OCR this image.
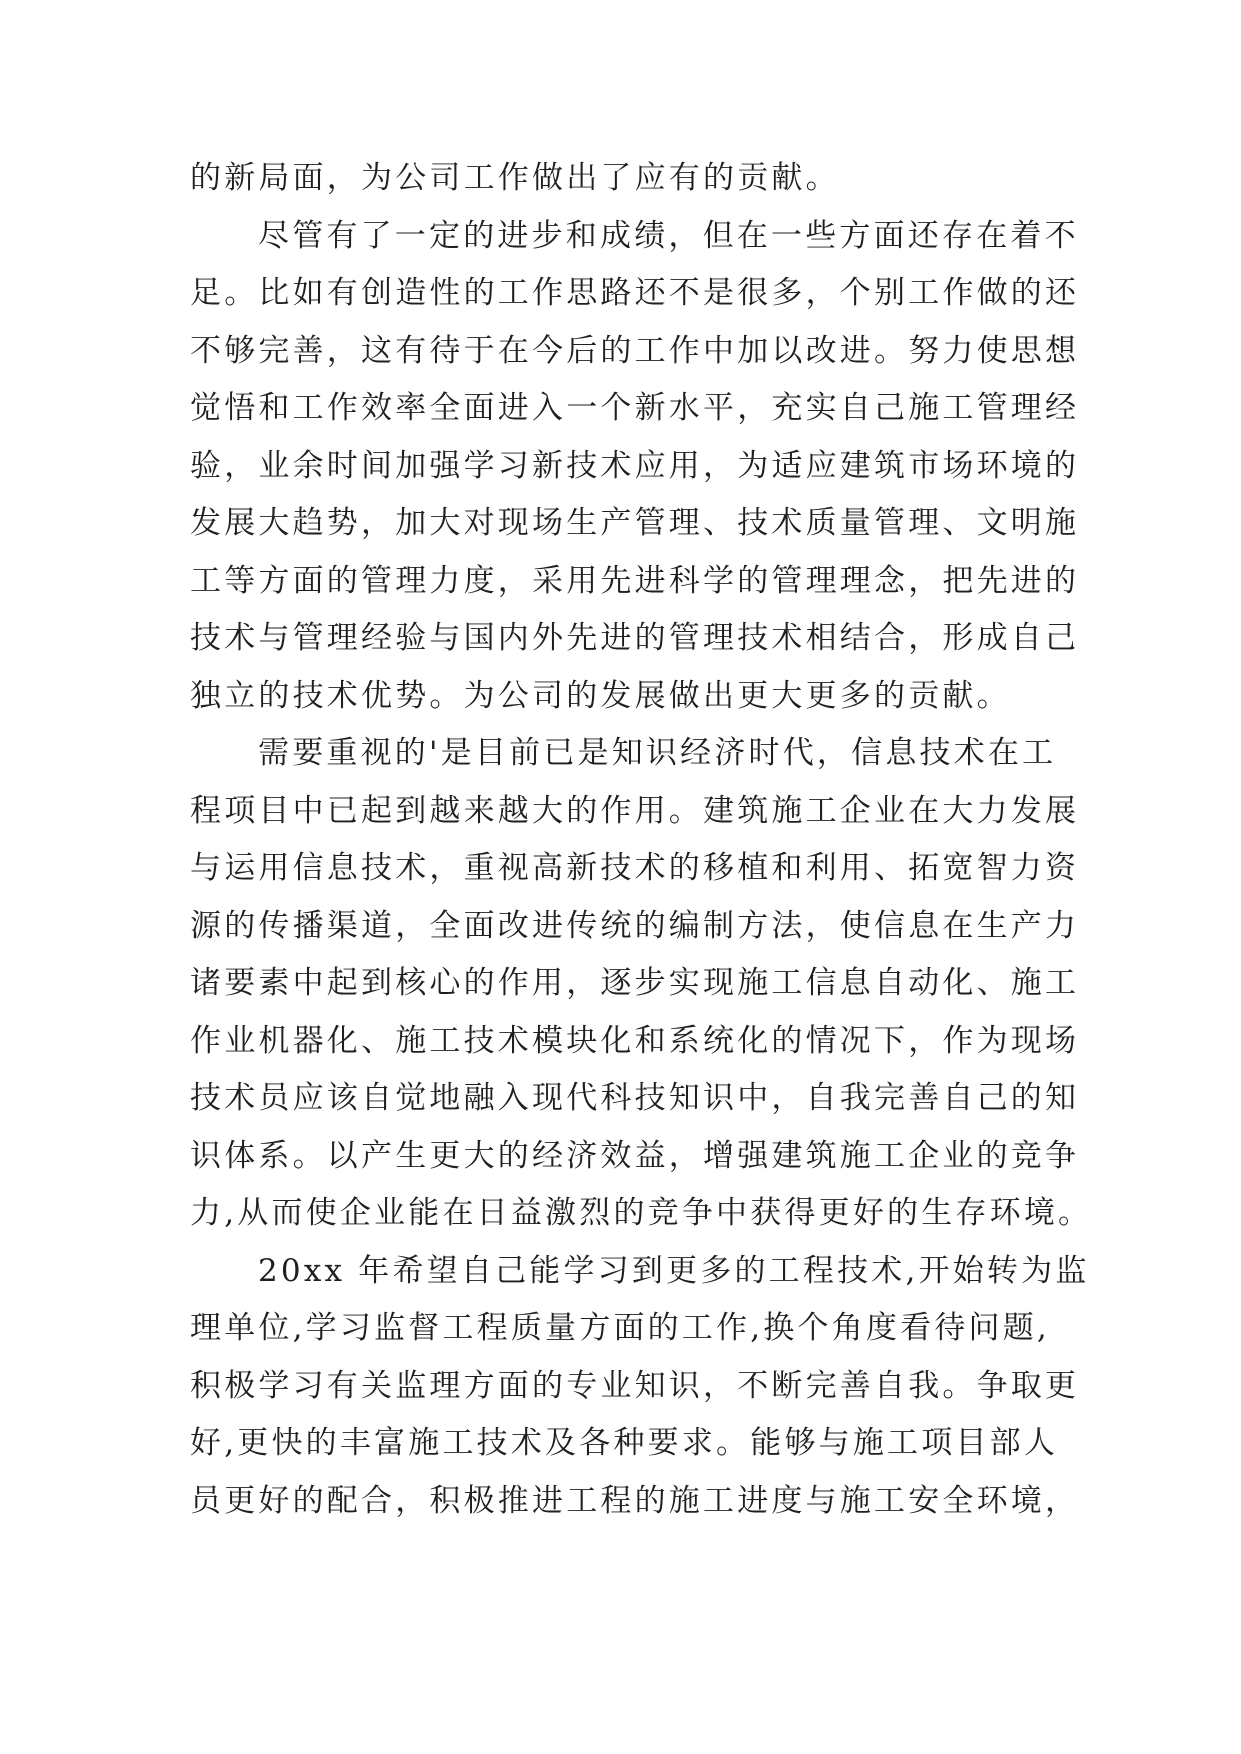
的新局面，为公司工作做出了应有的贡献。
尽管有了一定的进步和成绩，但在一些方面还存在着不
足。比如有创造性的工作思路还不是很多，个别工作做的还
不够完善，这有待于在今后的工作中加以改进。努力使思想
觉悟和工作效率全面进入一个新水平，充实自己施工管理经
验，业余时间加强学习新技术应用，为适应建筑市场环境的
发展大趋势，加大对现场生产管理、技术质量管理、文明施
工等方面的管理力度，采用先进科学的管理理念，把先进的
技术与管理经验与国内外先进的管理技术相结合，形成自己
独立的技术优势。为公司的发展做出更大更多的贡献。
需要重视的'是目前已是知识经济时代，信息技术在工
程项目中已起到越来越大的作用。建筑施工企业在大力发展
与运用信息技术，重视高新技术的移植和利用、拓宽智力资
源的传播渠道，全面改进传统的编制方法，使信息在生产力
诸要素中起到核心的作用，逐步实现施工信息自动化、施工
作业机器化、施工技术模块化和系统化的情况下，作为现场
技术员应该自觉地融入现代科技知识中，自我完善自己的知
识体系。以产生更大的经济效益，增强建筑施工企业的竞争
力,从而使企业能在日益激烈的竞争中获得更好的生存环境。
20xx 年希望自己能学习到更多的工程技术,开始转为监
理单位,学习监督工程质量方面的工作,换个角度看待问题,
积极学习有关监理方面的专业知识，不断完善自我。争取更
好,更快的丰富施工技术及各种要求。能够与施工项目部人
员更好的配合，积极推进工程的施工进度与施工安全环境，
